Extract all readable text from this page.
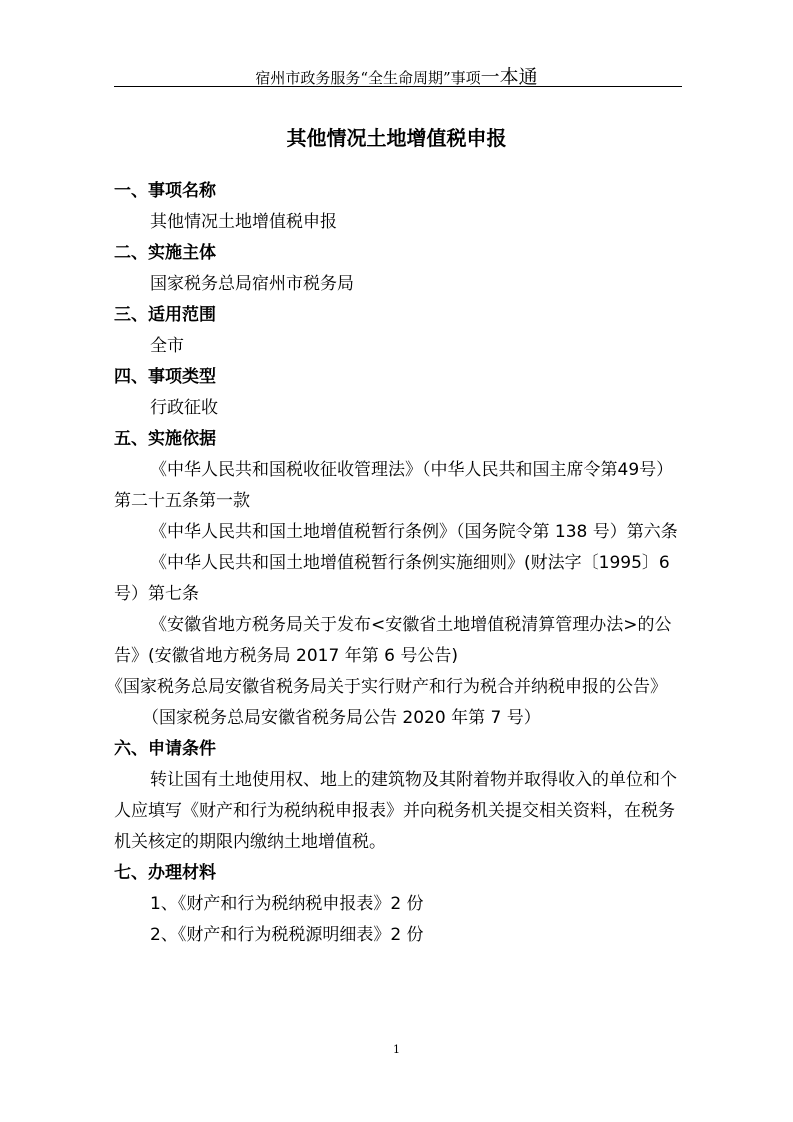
宿州市政务服务“全生命周期”事项一本通
其他情况土地增值税申报
一、事项名称
其他情况土地增值税申报
二、实施主体
国家税务总局宿州市税务局
三、适用范围
全市
四、事项类型
行政征收
五、实施依据
《中华人民共和国税收征收管理法》（中华人民共和国主席令第49号）第二十五条第一款
《中华人民共和国土地增值税暂行条例》（国务院令第 138 号）第六条
《中华人民共和国土地增值税暂行条例实施细则》(财法字〔1995〕6 号）第七条
《安徽省地方税务局关于发布<安徽省土地增值税清算管理办法>的公告》(安徽省地方税务局 2017 年第 6 号公告)
《国家税务总局安徽省税务局关于实行财产和行为税合并纳税申报的公告》（国家税务总局安徽省税务局公告 2020 年第 7 号）
六、申请条件
转让国有土地使用权、地上的建筑物及其附着物并取得收入的单位和个人应填写《财产和行为税纳税申报表》并向税务机关提交相关资料，在税务机关核定的期限内缴纳土地增值税。
七、办理材料
1、《财产和行为税纳税申报表》2 份
2、《财产和行为税税源明细表》2 份
1
